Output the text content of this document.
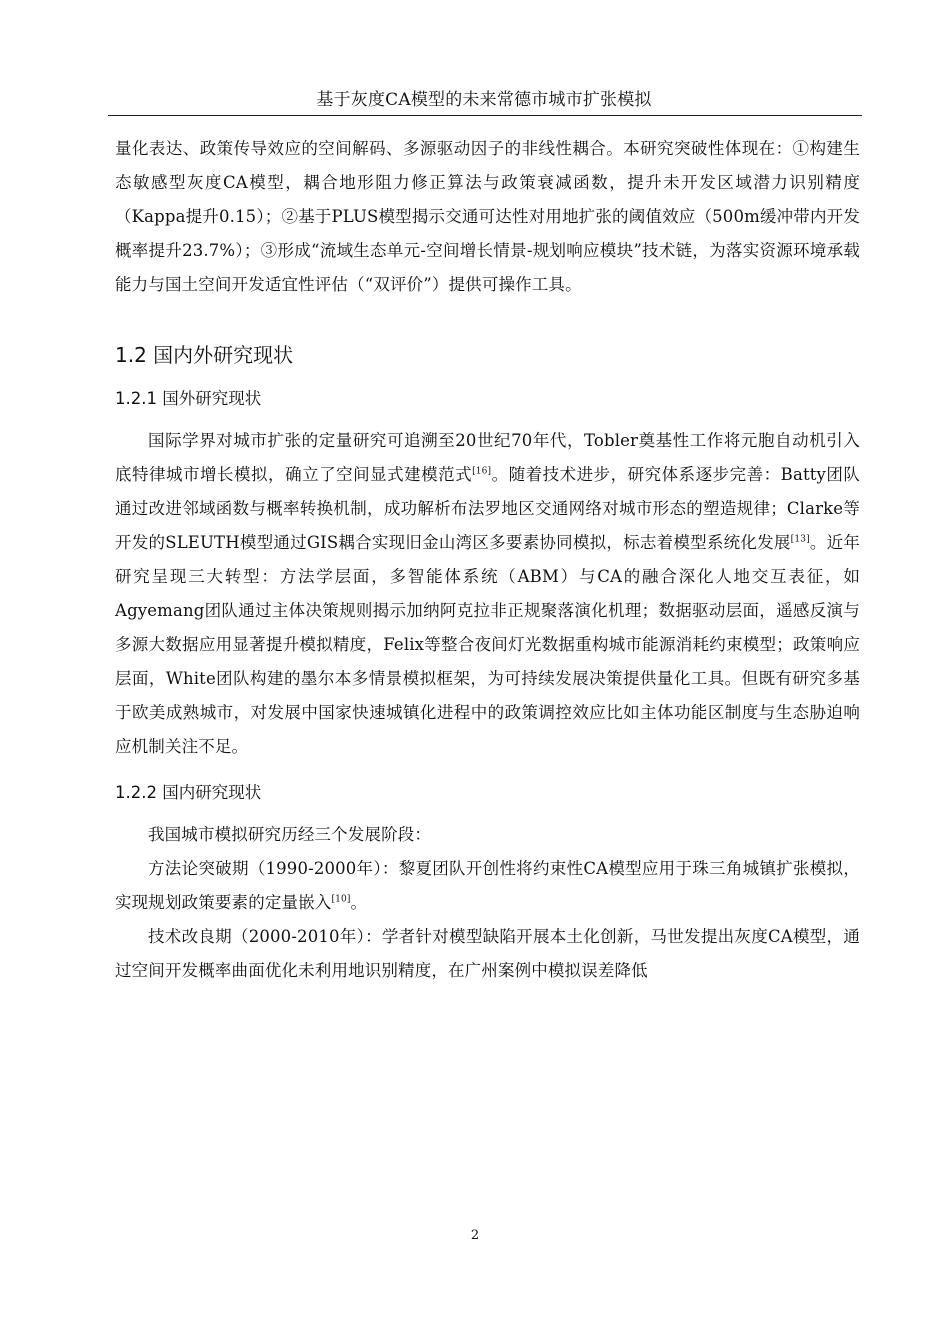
基于灰度CA模型的未来常德市城市扩张模拟

量化表达、政策传导效应的空间解码、多源驱动因子的非线性耦合。本研究突破性体现在：①构建生态敏感型灰度CA模型，耦合地形阻力修正算法与政策衰减函数，提升未开发区域潜力识别精度（Kappa提升0.15）；②基于PLUS模型揭示交通可达性对用地扩张的阈值效应（500m缓冲带内开发概率提升23.7%）；③形成“流域生态单元-空间增长情景-规划响应模块”技术链，为落实资源环境承载能力与国土空间开发适宜性评估（“双评价”）提供可操作工具。

1.2 国内外研究现状
1.2.1 国外研究现状

国际学界对城市扩张的定量研究可追溯至20世纪70年代，Tobler奠基性工作将元胞自动机引入底特律城市增长模拟，确立了空间显式建模范式[16]。随着技术进步，研究体系逐步完善：Batty团队通过改进邻域函数与概率转换机制，成功解析布法罗地区交通网络对城市形态的塑造规律；Clarke等开发的SLEUTH模型通过GIS耦合实现旧金山湾区多要素协同模拟，标志着模型系统化发展[13]。近年研究呈现三大转型：方法学层面，多智能体系统（ABM）与CA的融合深化人地交互表征，如Agyemang团队通过主体决策规则揭示加纳阿克拉非正规聚落演化机理；数据驱动层面，遥感反演与多源大数据应用显著提升模拟精度，Felix等整合夜间灯光数据重构城市能源消耗约束模型；政策响应层面，White团队构建的墨尔本多情景模拟框架，为可持续发展决策提供量化工具。但既有研究多基于欧美成熟城市，对发展中国家快速城镇化进程中的政策调控效应比如主体功能区制度与生态胁迫响应机制关注不足。

1.2.2 国内研究现状

我国城市模拟研究历经三个发展阶段：

方法论突破期（1990-2000年）：黎夏团队开创性将约束性CA模型应用于珠三角城镇扩张模拟，实现规划政策要素的定量嵌入[10]。

技术改良期（2000-2010年）：学者针对模型缺陷开展本土化创新，马世发提出灰度CA模型，通过空间开发概率曲面优化未利用地识别精度，在广州案例中模拟误差降低

2
